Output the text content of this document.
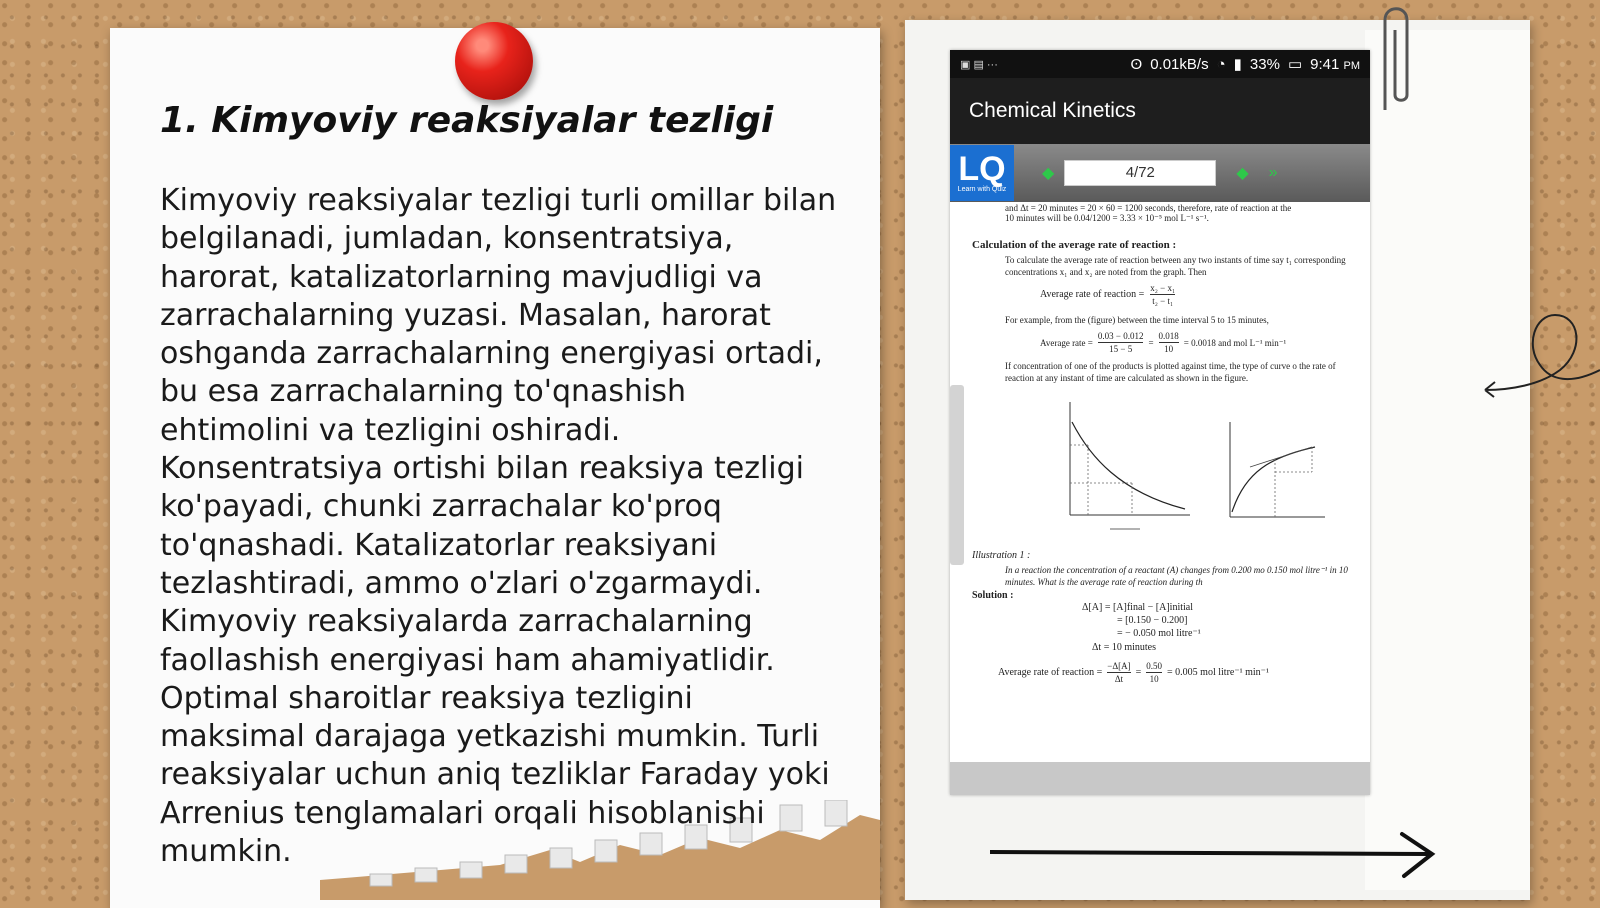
1. Kimyoviy reaksiyalar tezligi

Kimyoviy reaksiyalar tezligi turli omillar bilan belgilanadi, jumladan, konsentratsiya, harorat, katalizatorlarning mavjudligi va zarrachalarning yuzasi. Masalan, harorat oshganda zarrachalarning energiyasi ortadi, bu esa zarrachalarning to'qnashish ehtimolini va tezligini oshiradi. Konsentratsiya ortishi bilan reaksiya tezligi ko'payadi, chunki zarrachalar ko'proq to'qnashadi. Katalizatorlar reaksiyani tezlashtiradi, ammo o'zlari o'zgarmaydi. Kimyoviy reaksiyalarda zarrachalarning faollashish energiyasi ham ahamiyatlidir. Optimal sharoitlar reaksiya tezligini maksimal darajaga yetkazishi mumkin. Turli reaksiyalar uchun aniq tezliklar Faraday yoki Arrenius tenglamalari orqali hisoblanishi mumkin.

▣ ▤ ···	ʘ 0.01kB/s ◔ ▮ 33% ▭ 9:41 PM
Chemical Kinetics
LQ
Learn with Quiz
◆	4/72	◆ »

and Δt = 20 minutes = 20 × 60 = 1200 seconds, therefore, rate of reaction at the

10 minutes will be 0.04/1200 = 3.33 × 10⁻⁵ mol L⁻¹ s⁻¹.

Calculation of the average rate of reaction :

To calculate the average rate of reaction between any two instants of time say t₁ corresponding concentrations x₁ and x₂ are noted from the graph. Then

Average rate of reaction = $\frac{\text{x₂ − x₁}}{\text{t₂ − t₁}}$

For example, from the (figure) between the time interval 5 to 15 minutes,

Average rate = $\frac{0.03 - 0.012}{15 - 5} = \frac{0.018}{10} = 0.0018$ and mol L⁻¹ min⁻¹

If concentration of one of the products is plotted against time, the type of curve o the rate of reaction at any instant of time are calculated as shown in the figure.

Illustration 1 :

In a reaction the concentration of a reactant (A) changes from 0.200 mo 0.150 mol litre⁻¹ in 10 minutes. What is the average rate of reaction during th

Solution :

Δ[A] = [A]final − [A]initial

= [0.150 − 0.200]

= − 0.050 mol litre⁻¹

Δt = 10 minutes

Average rate of reaction = $\frac{-\Delta[A]}{\Delta t} = \frac{0.50}{10} = 0.005$ mol litre⁻¹ min⁻¹
